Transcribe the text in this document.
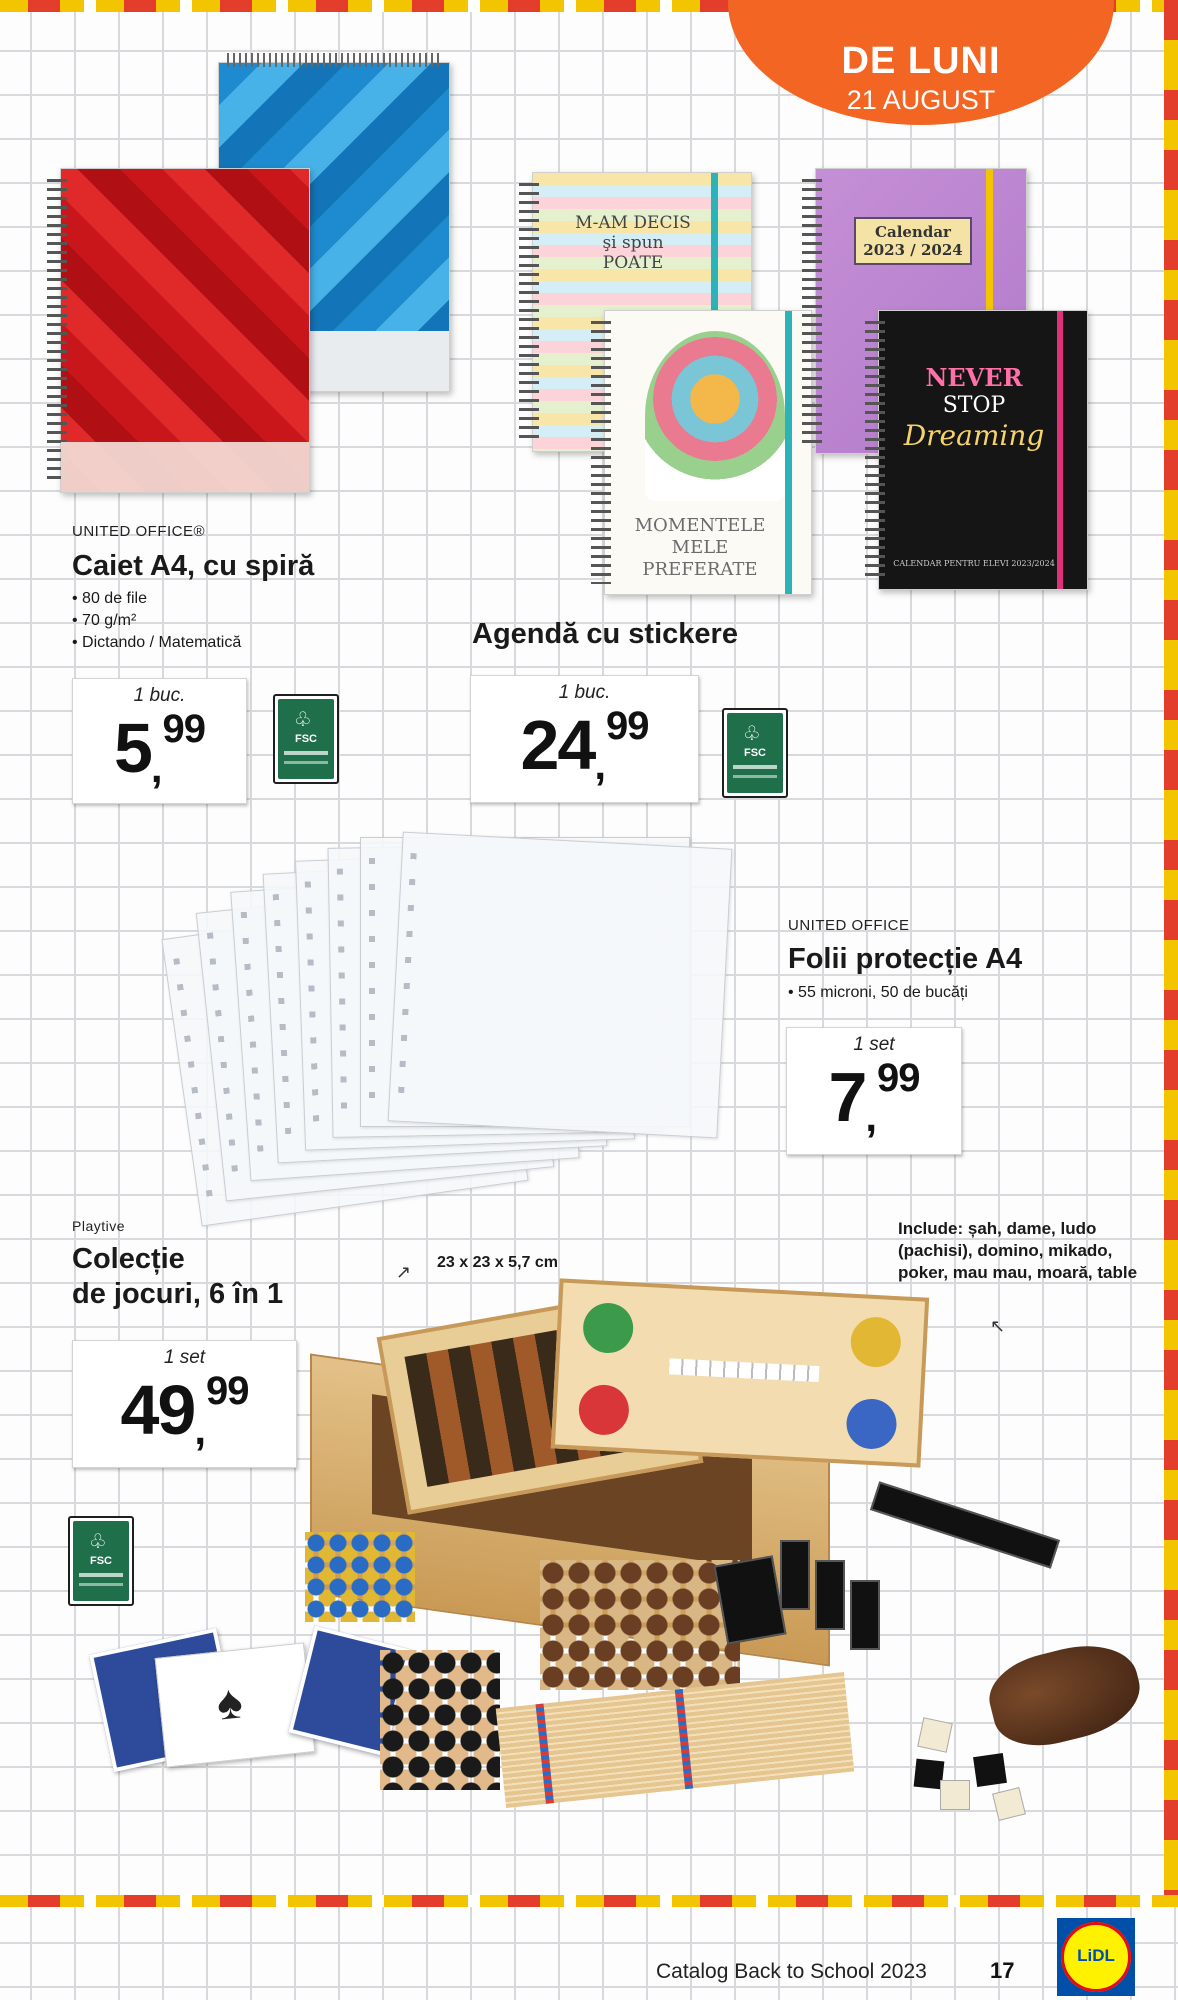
DE LUNI
21 AUGUST
UNITED OFFICE®
Caiet A4, cu spiră
• 80 de file
• 70 g/m²
• Dictando / Matematică
1 buc.
5,99	♧
FSC
M-AM DECIS şi spun POATE
MOMENTELE MELE PREFERATE
Calendar 2023 / 2024
NEVER
STOP
Dreaming
CALENDAR PENTRU ELEVI 2023/2024
Agendă cu stickere
1 buc.
24,99	♧
FSC
UNITED OFFICE
Folii protecție A4
• 55 microni, 50 de bucăți
1 set
7,99
Playtive
Colecție
de jocuri, 6 în 1
1 set
49,99
♧
FSC
23 x 23 x 5,7 cm
↗
Include: șah, dame, ludo (pachisi), domino, mikado, poker, mau mau, moară, table
↖
♠
Catalog Back to School 2023	17
LiDL
